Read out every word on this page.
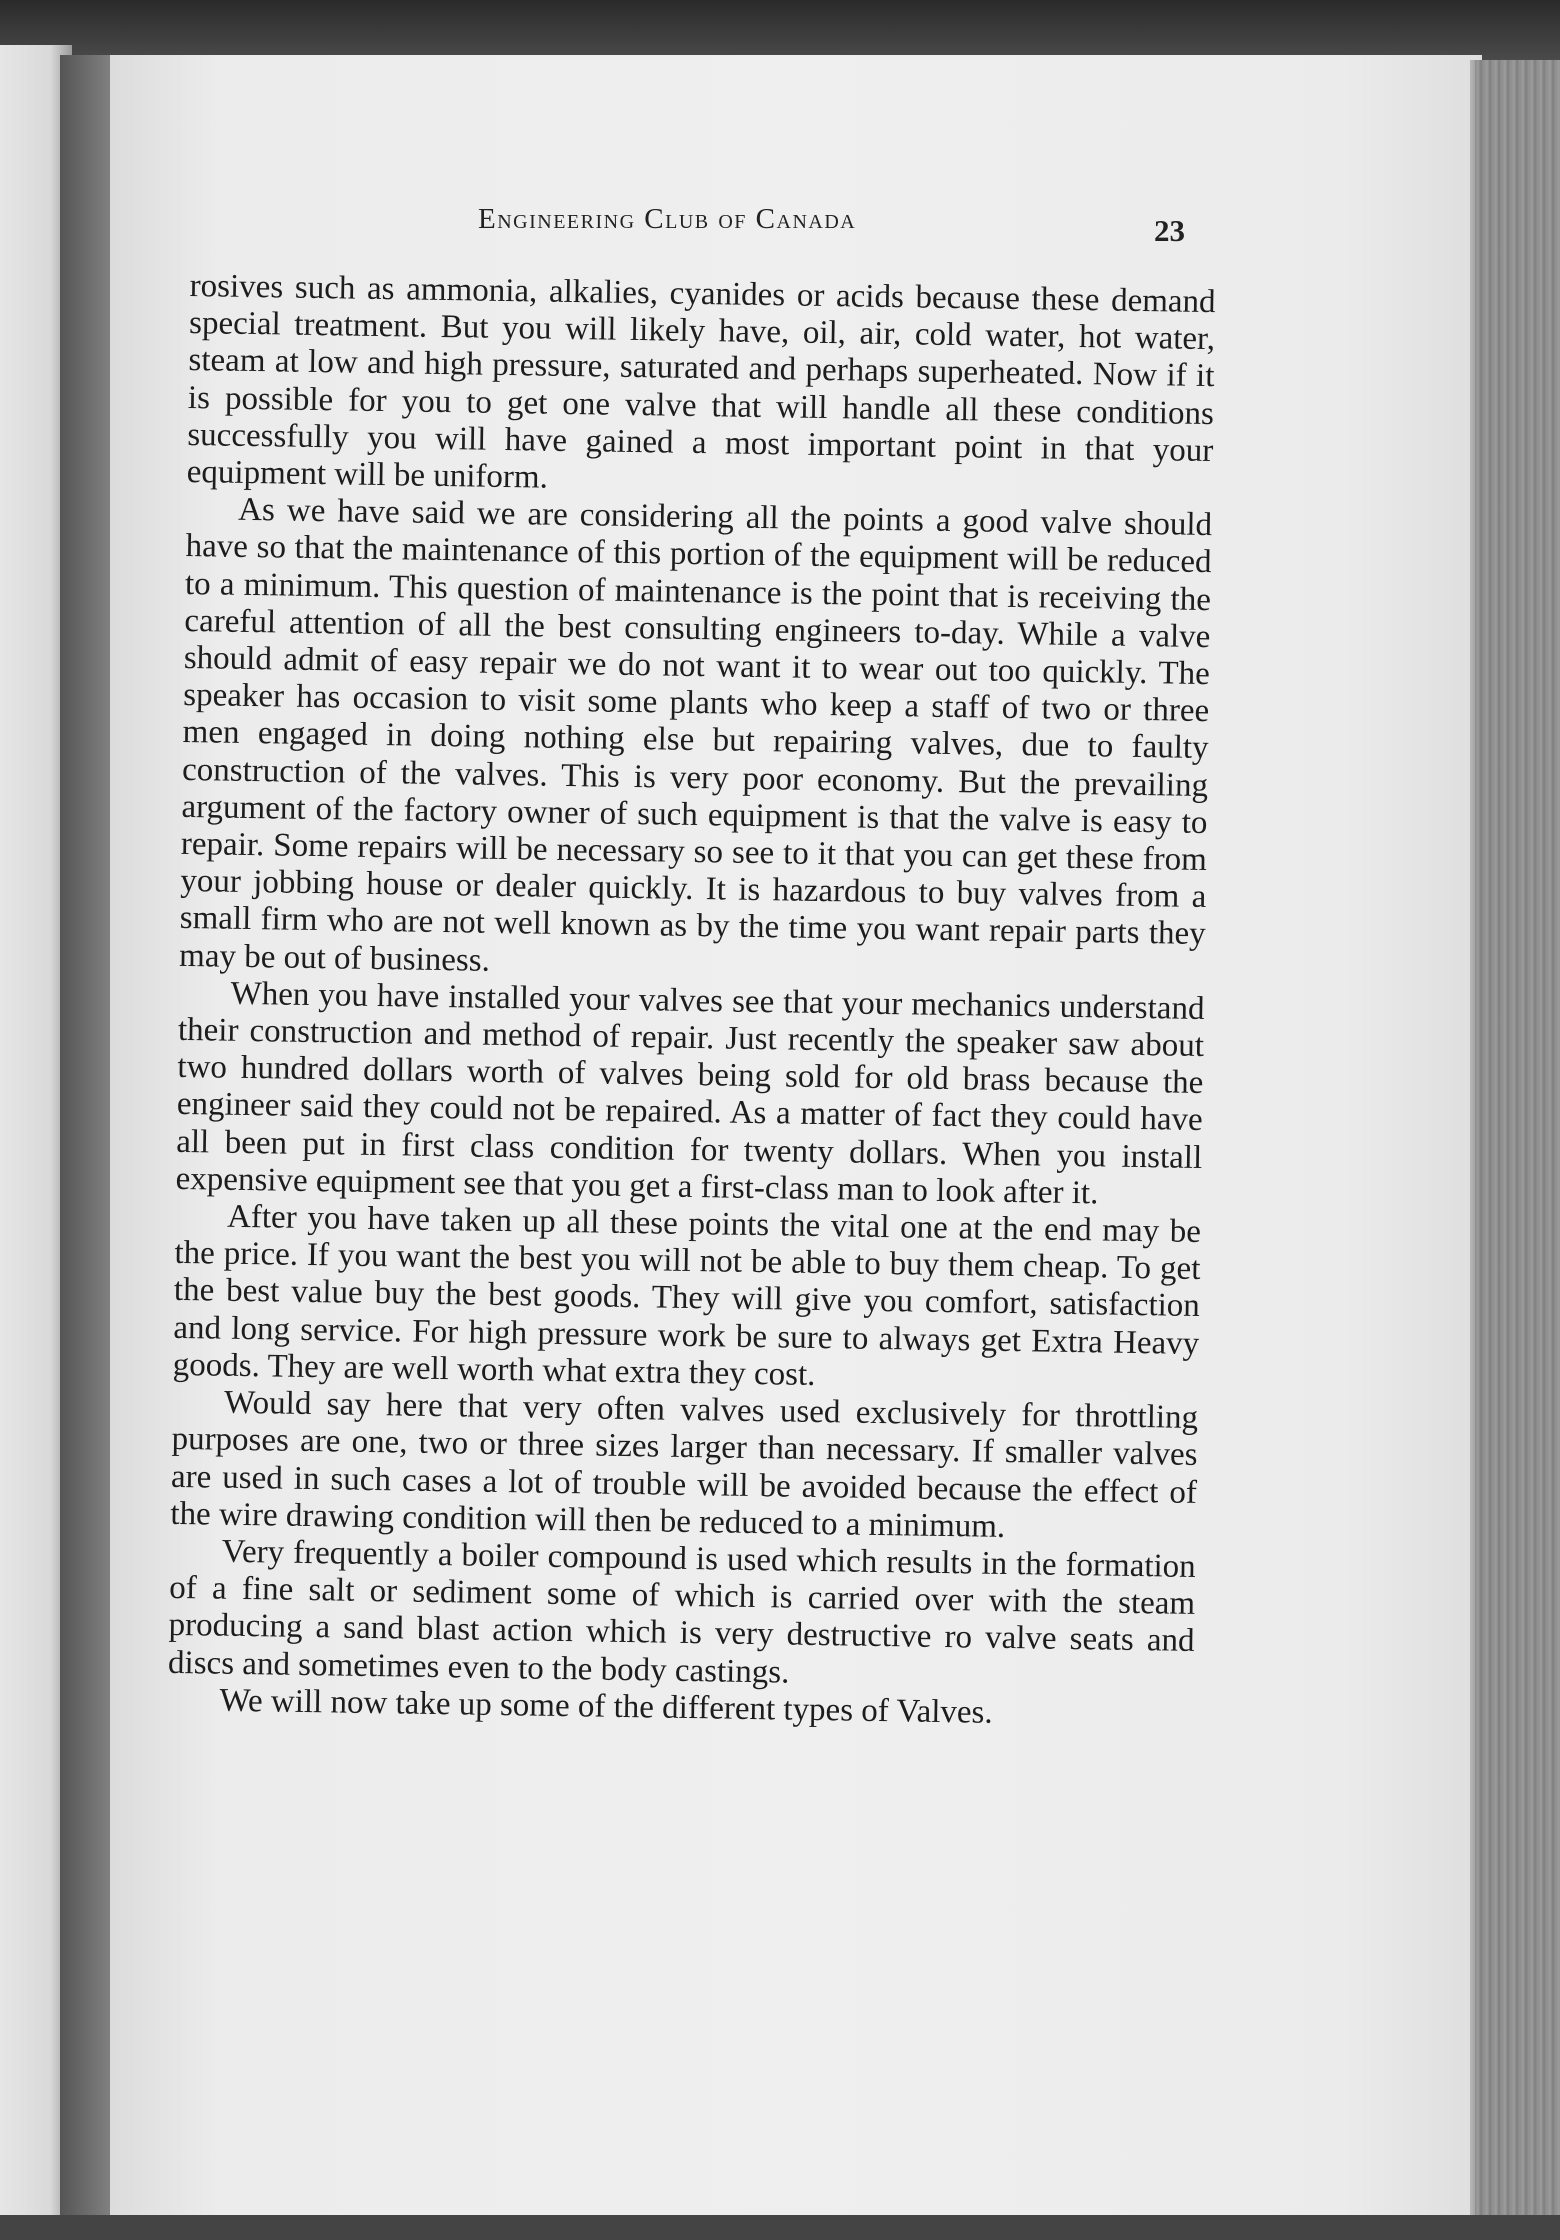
Engineering Club of Canada	23

rosives such as ammonia, alkalies, cyanides or acids because these demand special treatment. But you will likely have, oil, air, cold water, hot water, steam at low and high pressure, saturated and perhaps superheated. Now if it is possible for you to get one valve that will handle all these conditions successfully you will have gained a most important point in that your equipment will be uniform.

As we have said we are considering all the points a good valve should have so that the maintenance of this portion of the equipment will be reduced to a minimum. This question of maintenance is the point that is receiving the careful attention of all the best consulting engineers to-day. While a valve should admit of easy repair we do not want it to wear out too quickly. The speaker has occasion to visit some plants who keep a staff of two or three men engaged in doing nothing else but repairing valves, due to faulty construction of the valves. This is very poor economy. But the prevailing argument of the factory owner of such equipment is that the valve is easy to repair. Some repairs will be necessary so see to it that you can get these from your jobbing house or dealer quickly. It is hazardous to buy valves from a small firm who are not well known as by the time you want repair parts they may be out of business.

When you have installed your valves see that your mechanics understand their construction and method of repair. Just recently the speaker saw about two hundred dollars worth of valves being sold for old brass because the engineer said they could not be repaired. As a matter of fact they could have all been put in first class condition for twenty dollars. When you install expensive equipment see that you get a first-class man to look after it.

After you have taken up all these points the vital one at the end may be the price. If you want the best you will not be able to buy them cheap. To get the best value buy the best goods. They will give you comfort, satisfaction and long service. For high pressure work be sure to always get Extra Heavy goods. They are well worth what extra they cost.

Would say here that very often valves used exclusively for throttling purposes are one, two or three sizes larger than necessary. If smaller valves are used in such cases a lot of trouble will be avoided because the effect of the wire drawing condition will then be reduced to a minimum.

Very frequently a boiler compound is used which results in the formation of a fine salt or sediment some of which is carried over with the steam producing a sand blast action which is very destructive ro valve seats and discs and sometimes even to the body castings.

We will now take up some of the different types of Valves.
